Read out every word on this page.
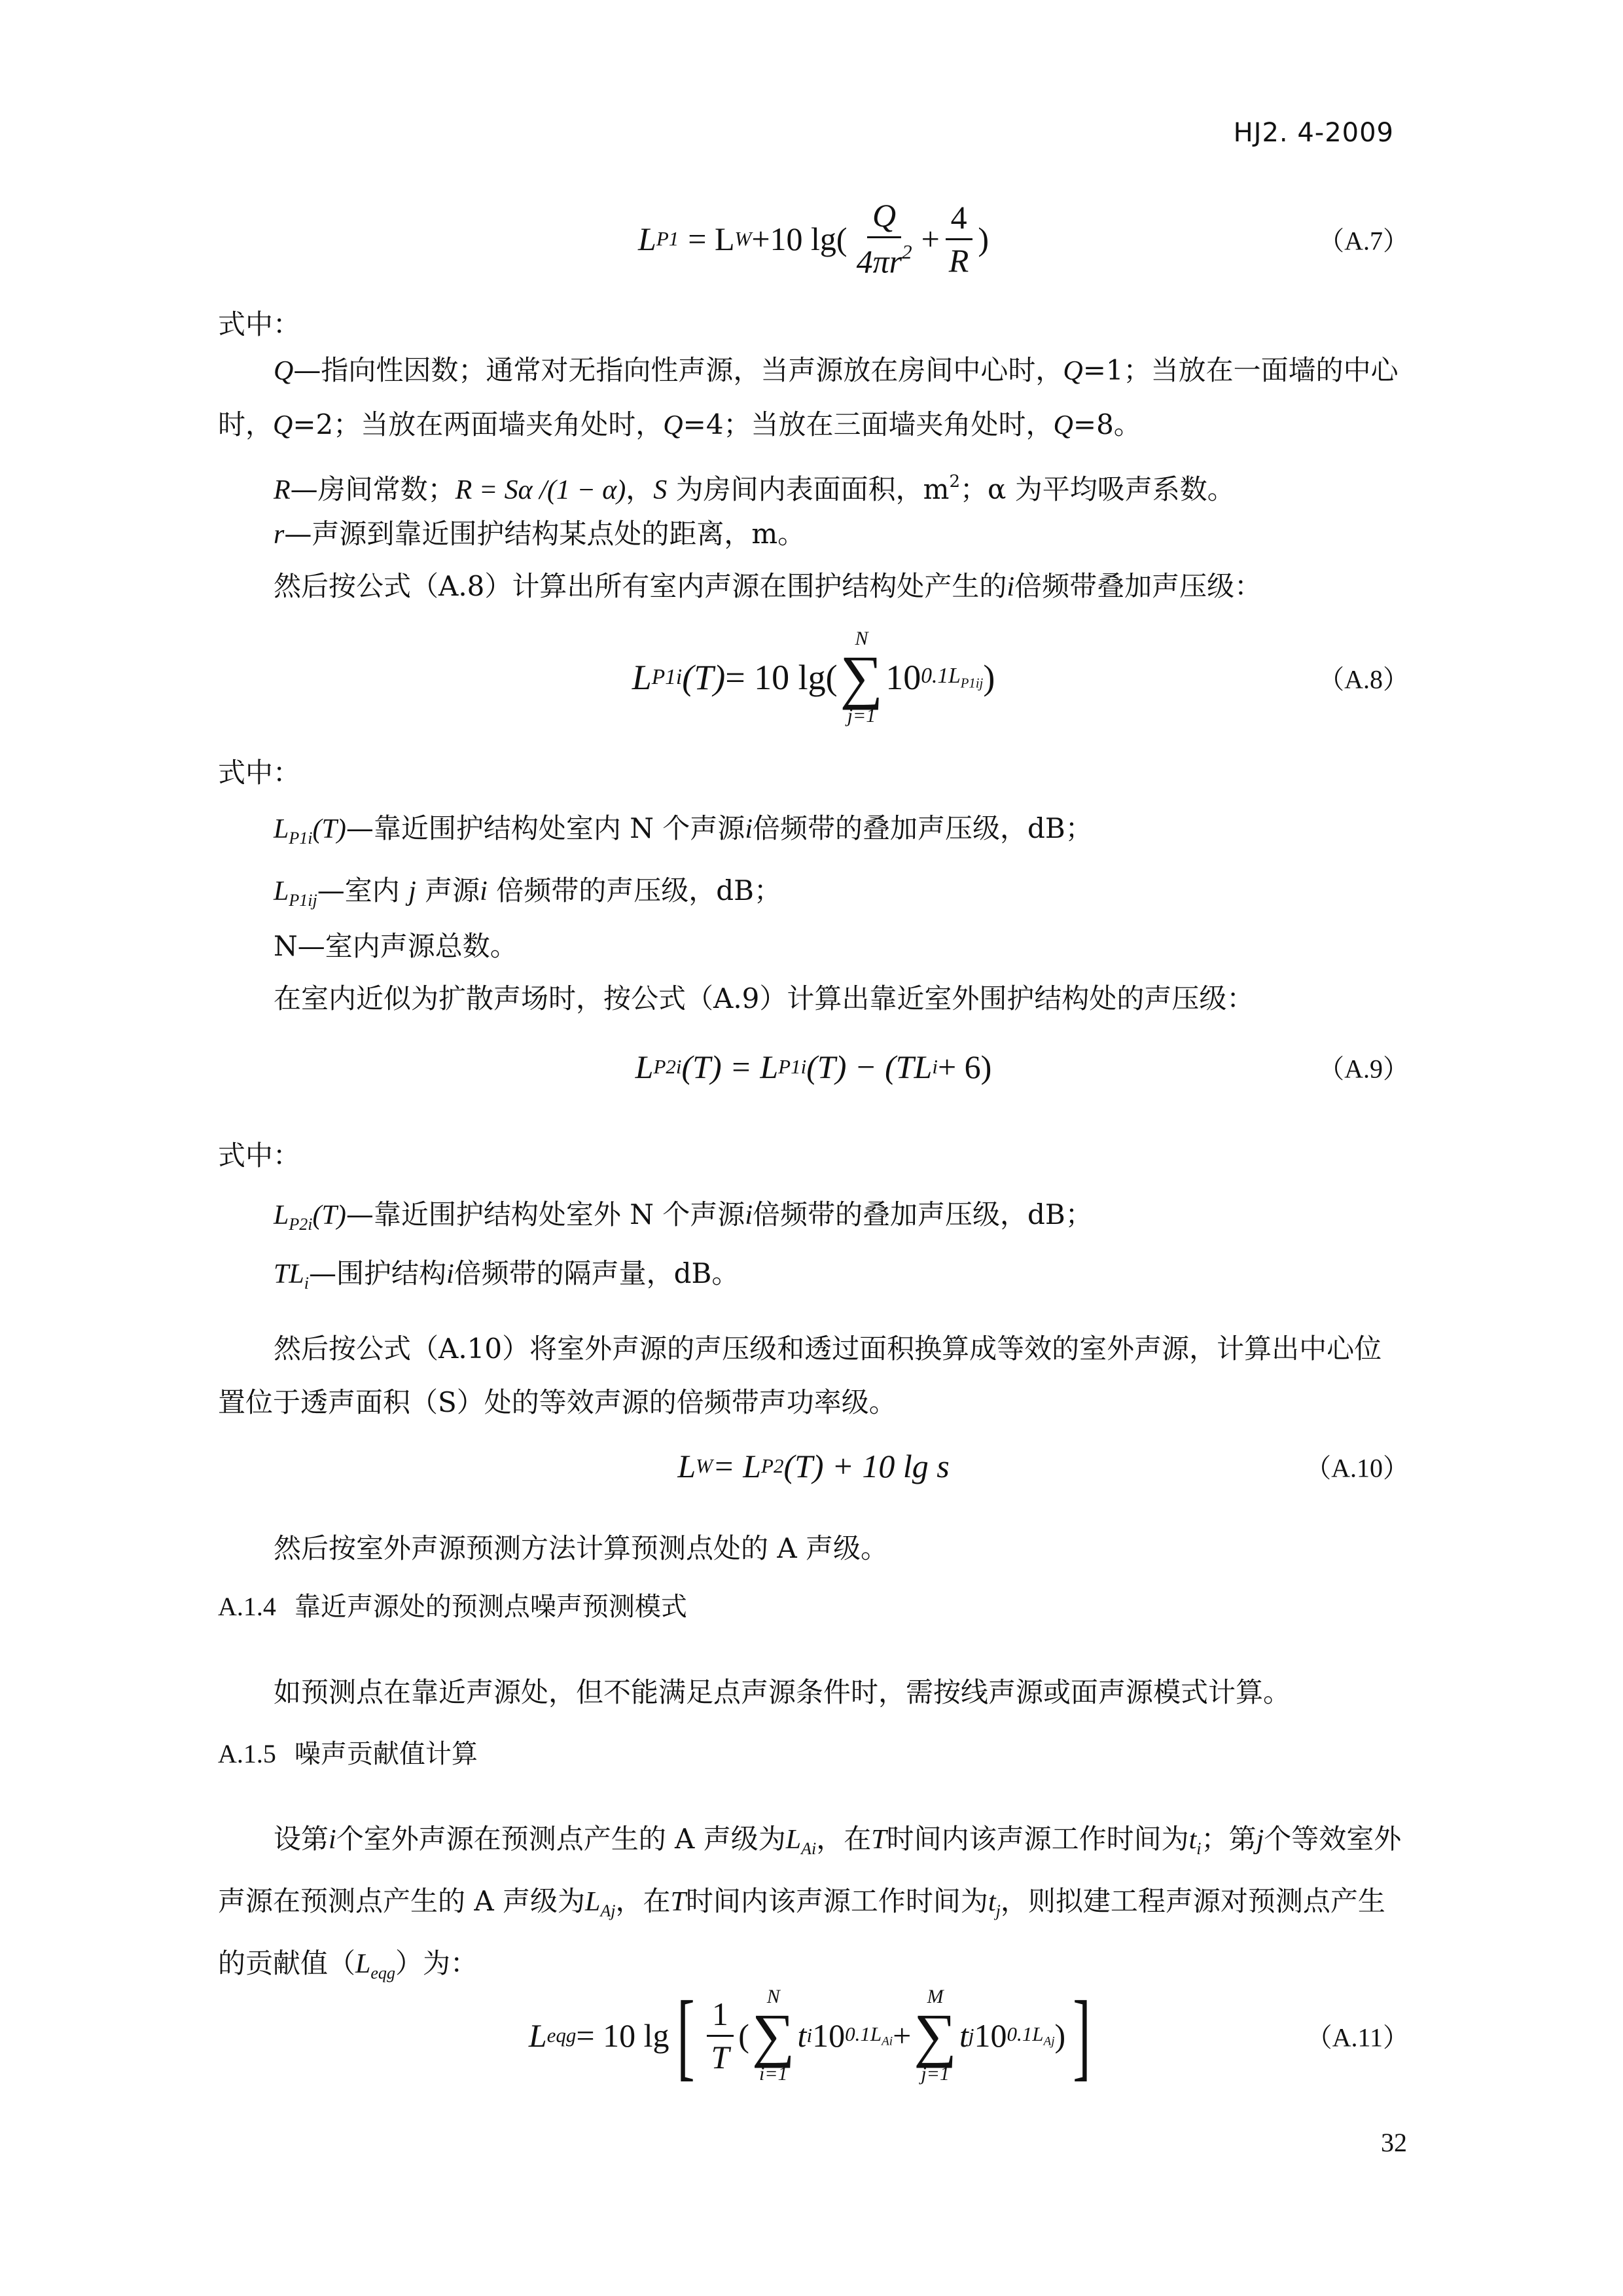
HJ2. 4-2009
L P1 = L W +10 $\lg( \frac{Q}{4\pi r^2} + \frac{4}{R}$ )	（A.7）

式中：

Q—指向性因数；通常对无指向性声源，当声源放在房间中心时，Q=1；当放在一面墙的中心时，Q=2；当放在两面墙夹角处时，Q=4；当放在三面墙夹角处时，Q=8。

R—房间常数；R = Sα /(1 − α)，S 为房间内表面面积，$m^2$；α 为平均吸声系数。

r—声源到靠近围护结构某点处的距离，m。

然后按公式（A.8）计算出所有室内声源在围护结构处产生的i倍频带叠加声压级：

L P1i (T) = 10 lg(
N
∑
j=1
10 $0.1L_{P1ij}$ )	（A.8）

式中：

$L_{P1i}(T)—$靠近围护结构处室内 N 个声源i倍频带的叠加声压级，dB；

$L_{P1ij}—$室内 j 声源i 倍频带的声压级，dB；

N—室内声源总数。

在室内近似为扩散声场时，按公式（A.9）计算出靠近室外围护结构处的声压级：

L P2i (T) = L P1i (T) − (TL i + 6)	（A.9）

式中：

$L_{P2i}(T)—$靠近围护结构处室外 N 个声源i倍频带的叠加声压级，dB；

$TL_i—$围护结构i倍频带的隔声量，dB。

然后按公式（A.10）将室外声源的声压级和透过面积换算成等效的室外声源，计算出中心位置位于透声面积（S）处的等效声源的倍频带声功率级。

L W = L P2 (T) + 10 lg s	（A.10）

然后按室外声源预测方法计算预测点处的 A 声级。

A.1.4 靠近声源处的预测点噪声预测模式

如预测点在靠近声源处，但不能满足点声源条件时，需按线声源或面声源模式计算。

A.1.5 噪声贡献值计算

设第i个室外声源在预测点产生的 A 声级为$L_{Ai}$，在T时间内该声源工作时间为$t_i$；第j个等效室外声源在预测点产生的 A 声级为$L_{Aj}$，在T时间内该声源工作时间为$t_j$，则拟建工程声源对预测点产生的贡献值$(L_{eqg})$为：

L eqg = 10 lg [ $\frac{1}{T}$ (
N
∑
i=1
t i 10 $0.1L_{Ai}$ +
M
∑
j=1
t j 10 $0.1L_{Aj}$ ) ]	（A.11）
32
